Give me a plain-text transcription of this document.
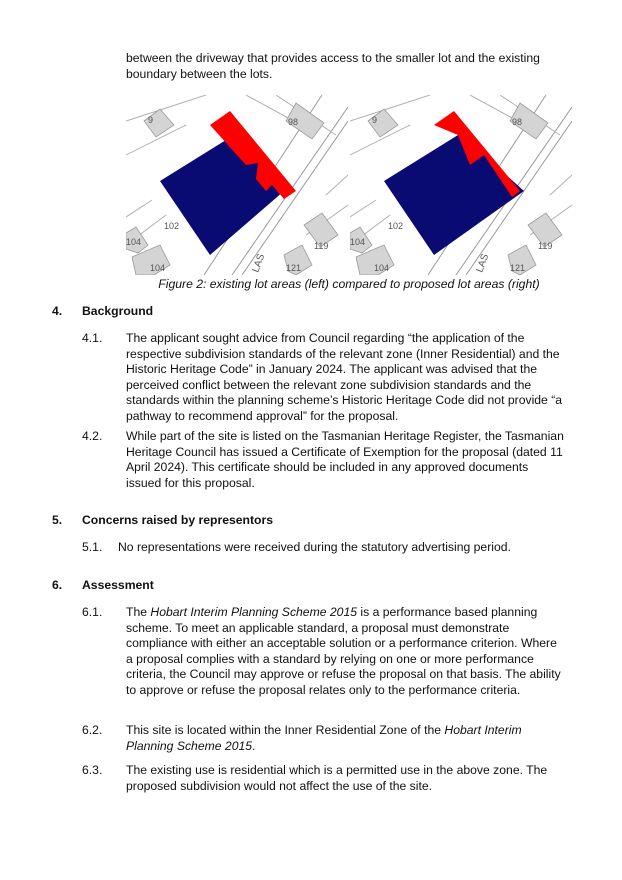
between the driveway that provides access to the smaller lot and the existing boundary between the lots.
9	98
102
104
104
119
121
LAS
9	98
102
104
104
119
121
LAS
Figure 2: existing lot areas (left) compared to proposed lot areas (right)
4.	Background
4.1.	The applicant sought advice from Council regarding “the application of the respective subdivision standards of the relevant zone (Inner Residential) and the Historic Heritage Code” in January 2024. The applicant was advised that the perceived conflict between the relevant zone subdivision standards and the standards within the planning scheme’s Historic Heritage Code did not provide “a pathway to recommend approval” for the proposal.
4.2.	While part of the site is listed on the Tasmanian Heritage Register, the Tasmanian Heritage Council has issued a Certificate of Exemption for the proposal (dated 11 April 2024). This certificate should be included in any approved documents issued for this proposal.
5.	Concerns raised by representors
5.1.	No representations were received during the statutory advertising period.
6.	Assessment
6.1.	The Hobart Interim Planning Scheme 2015 is a performance based planning scheme. To meet an applicable standard, a proposal must demonstrate compliance with either an acceptable solution or a performance criterion. Where a proposal complies with a standard by relying on one or more performance criteria, the Council may approve or refuse the proposal on that basis. The ability to approve or refuse the proposal relates only to the performance criteria.
6.2.	This site is located within the Inner Residential Zone of the Hobart Interim Planning Scheme 2015.
6.3.	The existing use is residential which is a permitted use in the above zone. The proposed subdivision would not affect the use of the site.
